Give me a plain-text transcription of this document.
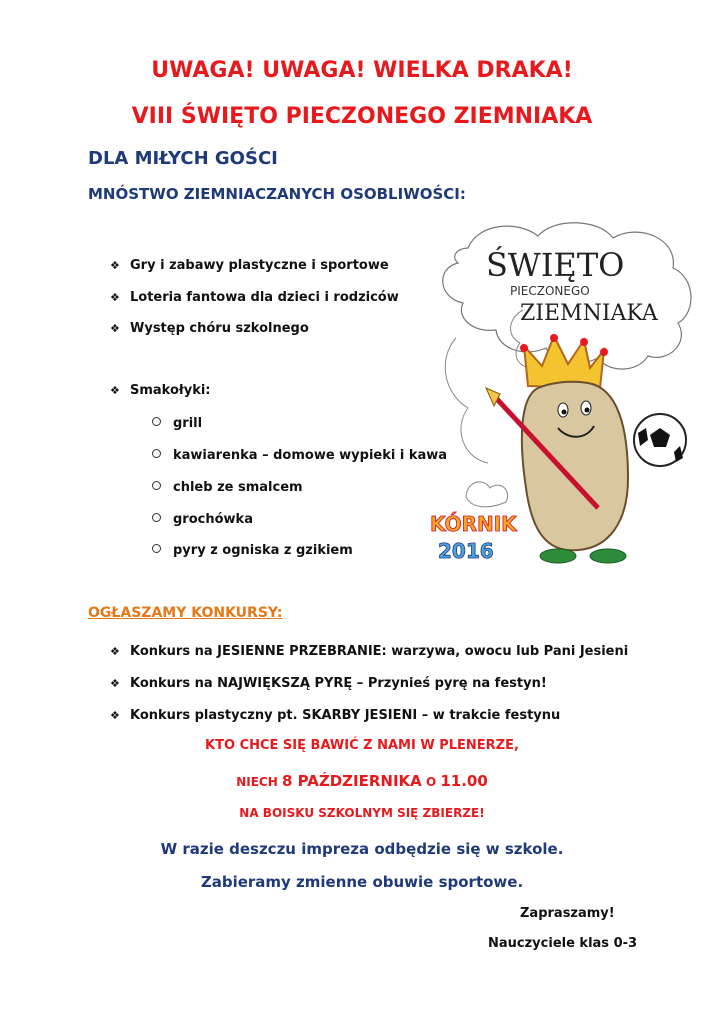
UWAGA! UWAGA! WIELKA DRAKA!
VIII ŚWIĘTO PIECZONEGO ZIEMNIAKA
DLA MIŁYCH GOŚCI
MNÓSTWO ZIEMNIACZANYCH OSOBLIWOŚCI:
❖ Gry i zabawy plastyczne i sportowe
❖ Loteria fantowa dla dzieci i rodziców
❖ Występ chóru szkolnego
❖ Smakołyki:
grill
kawiarenka – domowe wypieki i kawa
chleb ze smalcem
grochówka
pyry z ogniska z gzikiem
ŚWIĘTO
PIECZONEGO
ZIEMNIAKA
KÓRNIK
2016
OGŁASZAMY KONKURSY:
❖ Konkurs na JESIENNE PRZEBRANIE: warzywa, owocu lub Pani Jesieni
❖ Konkurs na NAJWIĘKSZĄ PYRĘ – Przynieś pyrę na festyn!
❖ Konkurs plastyczny pt. SKARBY JESIENI – w trakcie festynu
KTO CHCE SIĘ BAWIĆ Z NAMI W PLENERZE,
NIECH 8 PAŹDZIERNIKA O 11.00
NA BOISKU SZKOLNYM SIĘ ZBIERZE!
W razie deszczu impreza odbędzie się w szkole.
Zabieramy zmienne obuwie sportowe.
Zapraszamy!
Nauczyciele klas 0-3
